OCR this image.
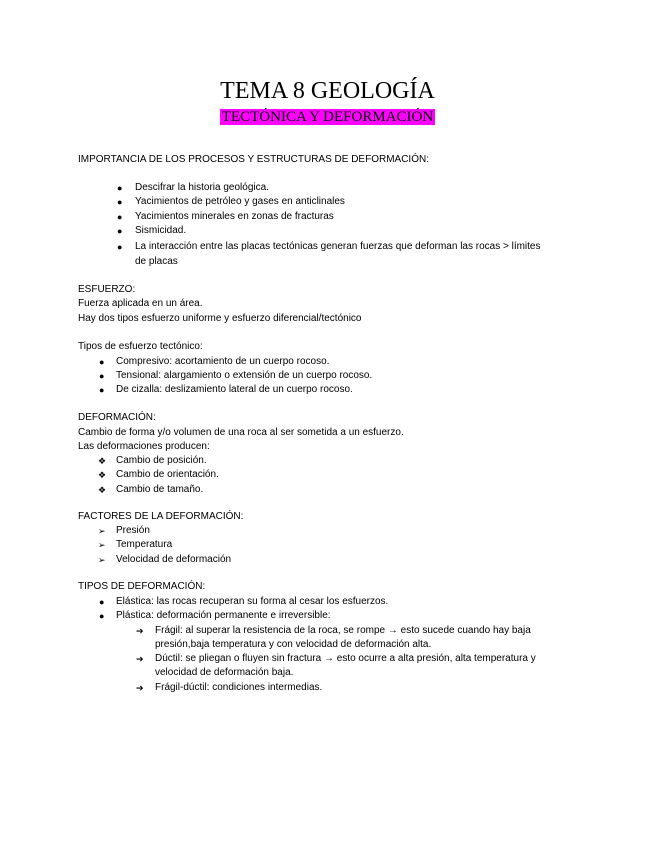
TEMA 8 GEOLOGÍA
TECTÓNICA Y DEFORMACIÓN
IMPORTANCIA DE LOS PROCESOS Y ESTRUCTURAS DE DEFORMACIÓN:
● Descifrar la historia geológica.
● Yacimientos de petróleo y gases en anticlinales
● Yacimientos minerales en zonas de fracturas
● Sismicidad.
● La interacción entre las placas tectónicas generan fuerzas que deforman las rocas > límites
de placas
ESFUERZO:
Fuerza aplicada en un área.
Hay dos tipos esfuerzo uniforme y esfuerzo diferencial/tectónico
Tipos de esfuerzo tectónico:
● Compresivo: acortamiento de un cuerpo rocoso.
● Tensional: alargamiento o extensión de un cuerpo rocoso.
● De cizalla: deslizamiento lateral de un cuerpo rocoso.
DEFORMACIÓN:
Cambio de forma y/o volumen de una roca al ser sometida a un esfuerzo.
Las deformaciones producen:
❖ Cambio de posición.
❖ Cambio de orientación.
❖ Cambio de tamaño.
FACTORES DE LA DEFORMACIÓN:
➢ Presión
➢ Temperatura
➢ Velocidad de deformación
TIPOS DE DEFORMACIÓN:
● Elástica: las rocas recuperan su forma al cesar los esfuerzos.
● Plástica: deformación permanente e irreversible:
➔ Frágil: al superar la resistencia de la roca, se rompe → esto sucede cuando hay baja
presión,baja temperatura y con velocidad de deformación alta.
➔ Dúctil: se pliegan o fluyen sin fractura → esto ocurre a alta presión, alta temperatura y
velocidad de deformación baja.
➔ Frágil-dúctil: condiciones intermedias.
